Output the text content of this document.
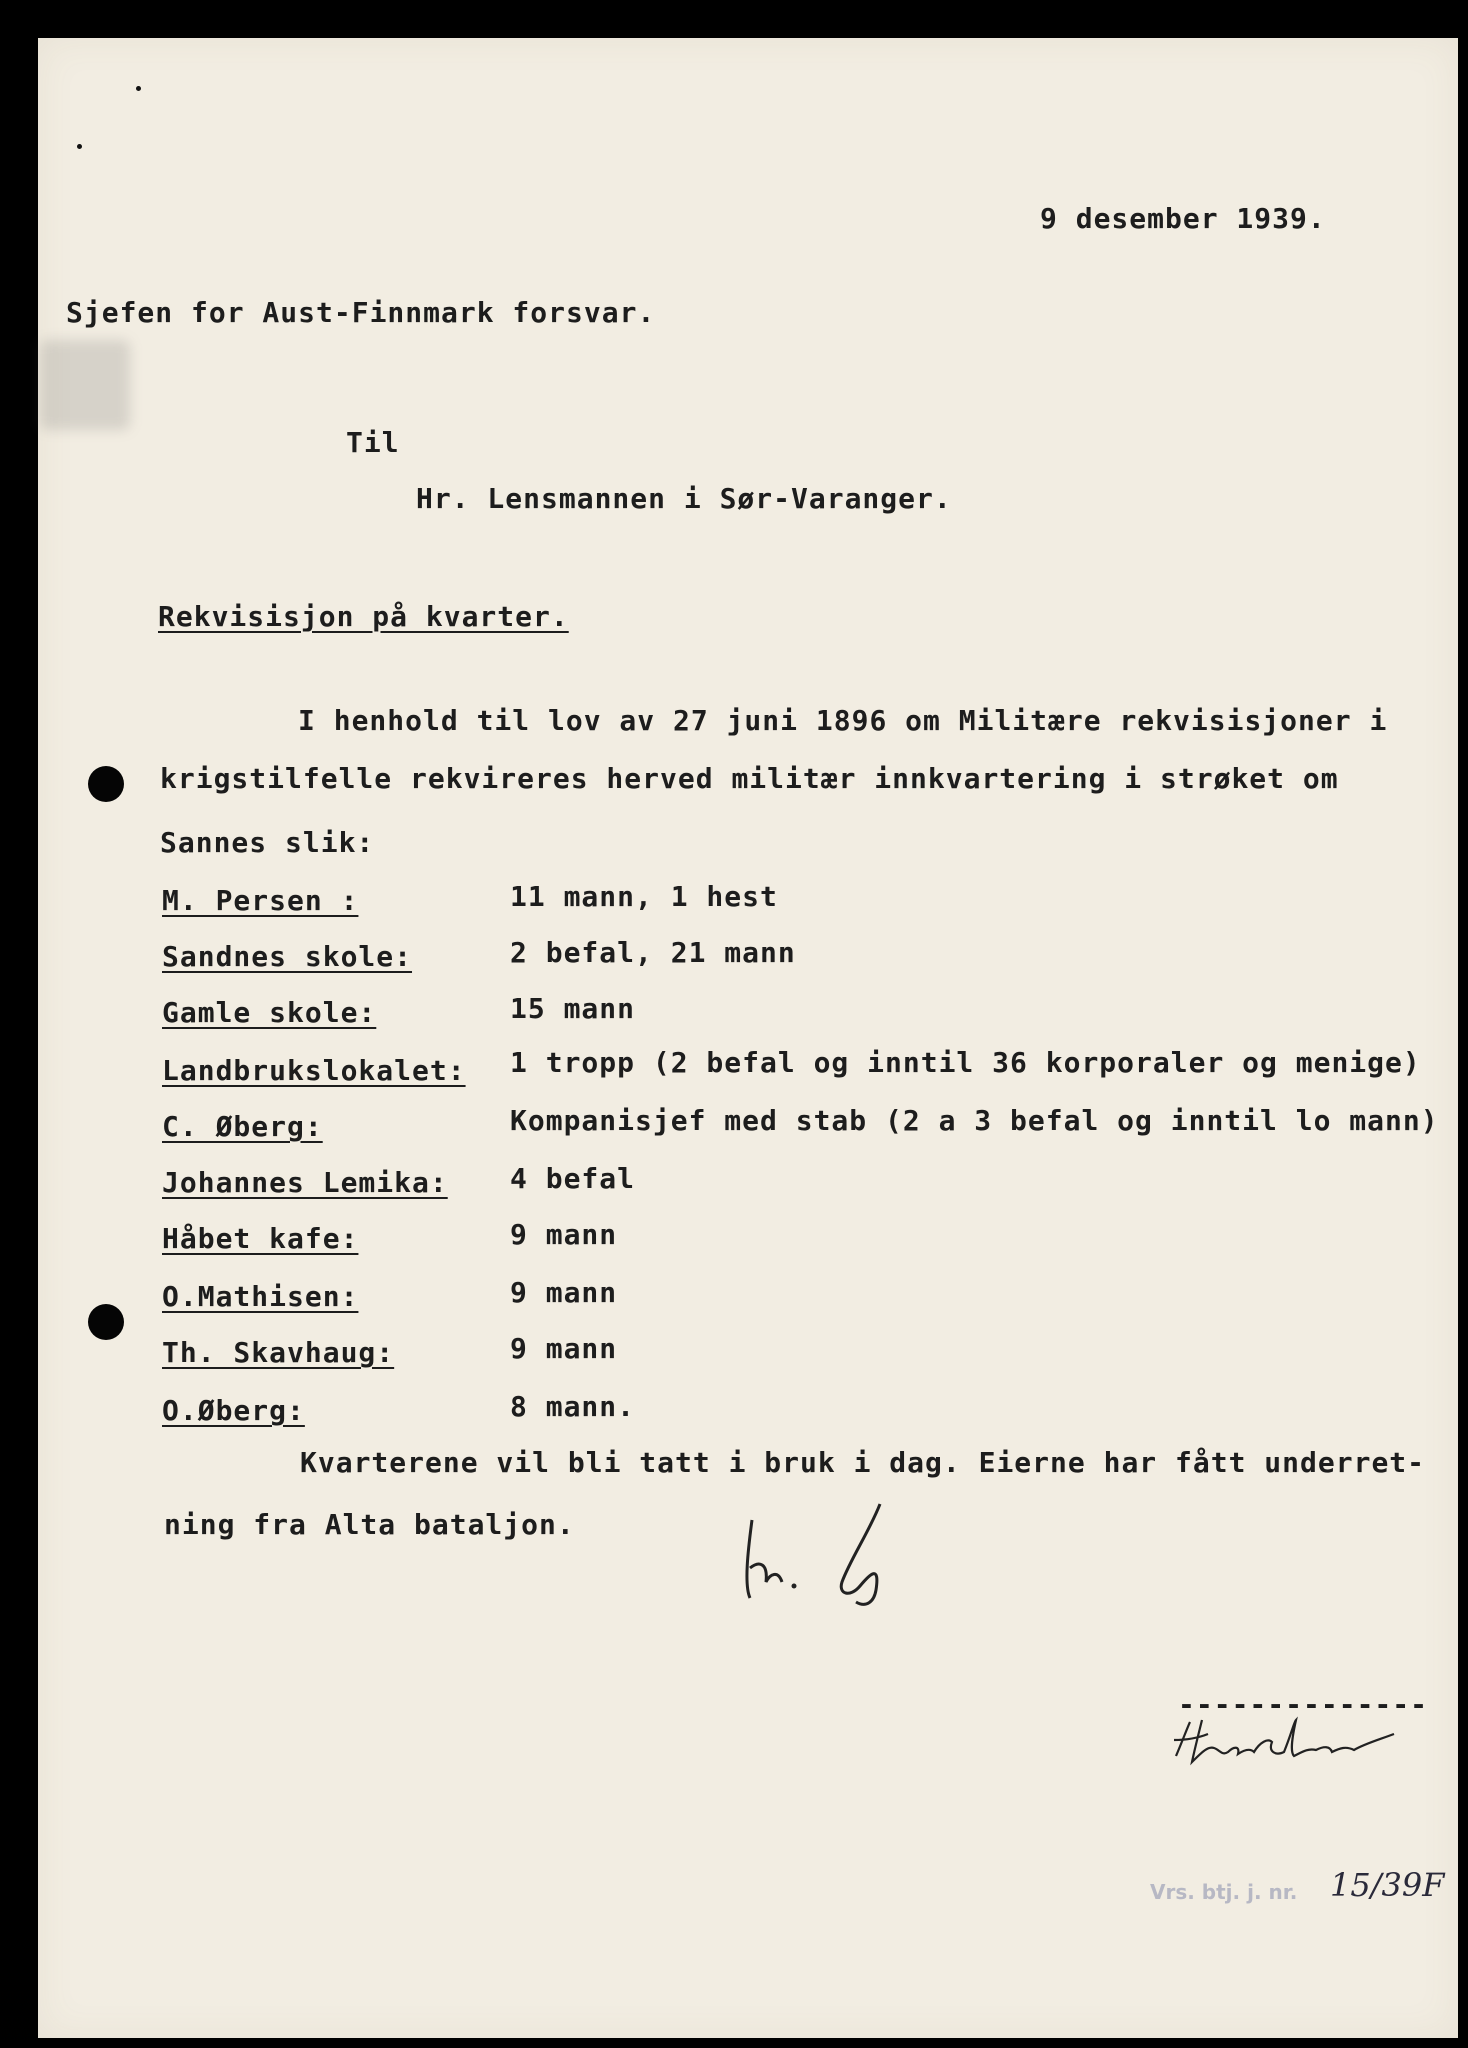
9 desember 1939.
Sjefen for Aust-Finnmark forsvar.
Til
Hr. Lensmannen i Sør-Varanger.
Rekvisisjon på kvarter.
I henhold til lov av 27 juni 1896 om Militære rekvisisjoner i
krigstilfelle rekvireres herved militær innkvartering i strøket om
Sannes slik:
M. Persen :	11 mann, 1 hest
Sandnes skole:	2 befal, 21 mann
Gamle skole:	15 mann
Landbrukslokalet: 1 tropp (2 befal og inntil 36 korporaler og menige)
C. Øberg:	Kompanisjef med stab (2 a 3 befal og inntil lo mann)
Johannes Lemika: 4 befal
Håbet kafe:	9 mann
O.Mathisen:	9 mann
Th. Skavhaug:	9 mann
O.Øberg:	8 mann.
Kvarterene vil bli tatt i bruk i dag. Eierne har fått underret-
ning fra Alta bataljon.
--------------
Vrs. btj. j. nr. 15/39F
